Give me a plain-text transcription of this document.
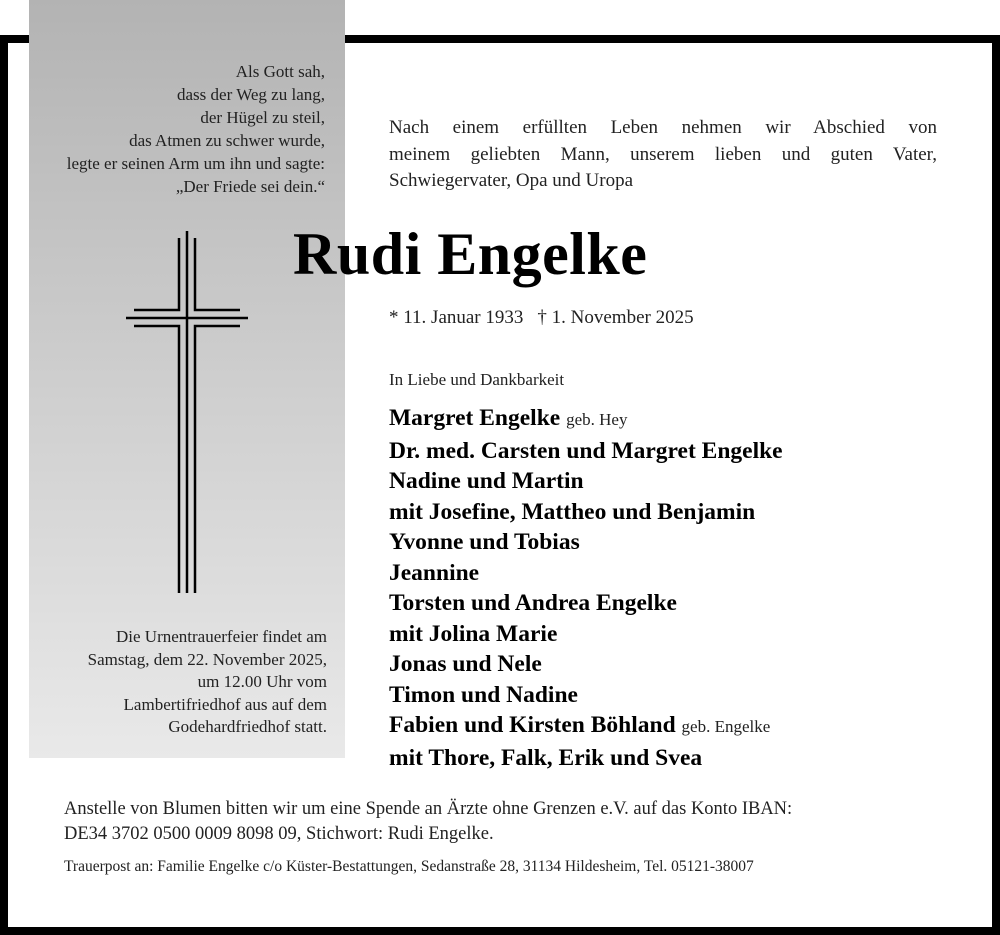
Als Gott sah,
dass der Weg zu lang,
der Hügel zu steil,
das Atmen zu schwer wurde,
legte er seinen Arm um ihn und sagte:
„Der Friede sei dein.“
Die Urnentrauerfeier findet am
Samstag, dem 22. November 2025,
um 12.00 Uhr vom
Lambertifriedhof aus auf dem
Godehardfriedhof statt.
Nach einem erfüllten Leben nehmen wir Abschied von
meinem geliebten Mann, unserem lieben und guten Vater,
Schwiegervater, Opa und Uropa
Rudi Engelke
* 11. Januar 1933 † 1. November 2025
In Liebe und Dankbarkeit
Margret Engelke geb. Hey
Dr. med. Carsten und Margret Engelke
Nadine und Martin
mit Josefine, Mattheo und Benjamin
Yvonne und Tobias
Jeannine
Torsten und Andrea Engelke
mit Jolina Marie
Jonas und Nele
Timon und Nadine
Fabien und Kirsten Böhland geb. Engelke
mit Thore, Falk, Erik und Svea
Anstelle von Blumen bitten wir um eine Spende an Ärzte ohne Grenzen e.V. auf das Konto IBAN:
DE34 3702 0500 0009 8098 09, Stichwort: Rudi Engelke.
Trauerpost an: Familie Engelke c/o Küster-Bestattungen, Sedanstraße 28, 31134 Hildesheim, Tel. 05121-38007
